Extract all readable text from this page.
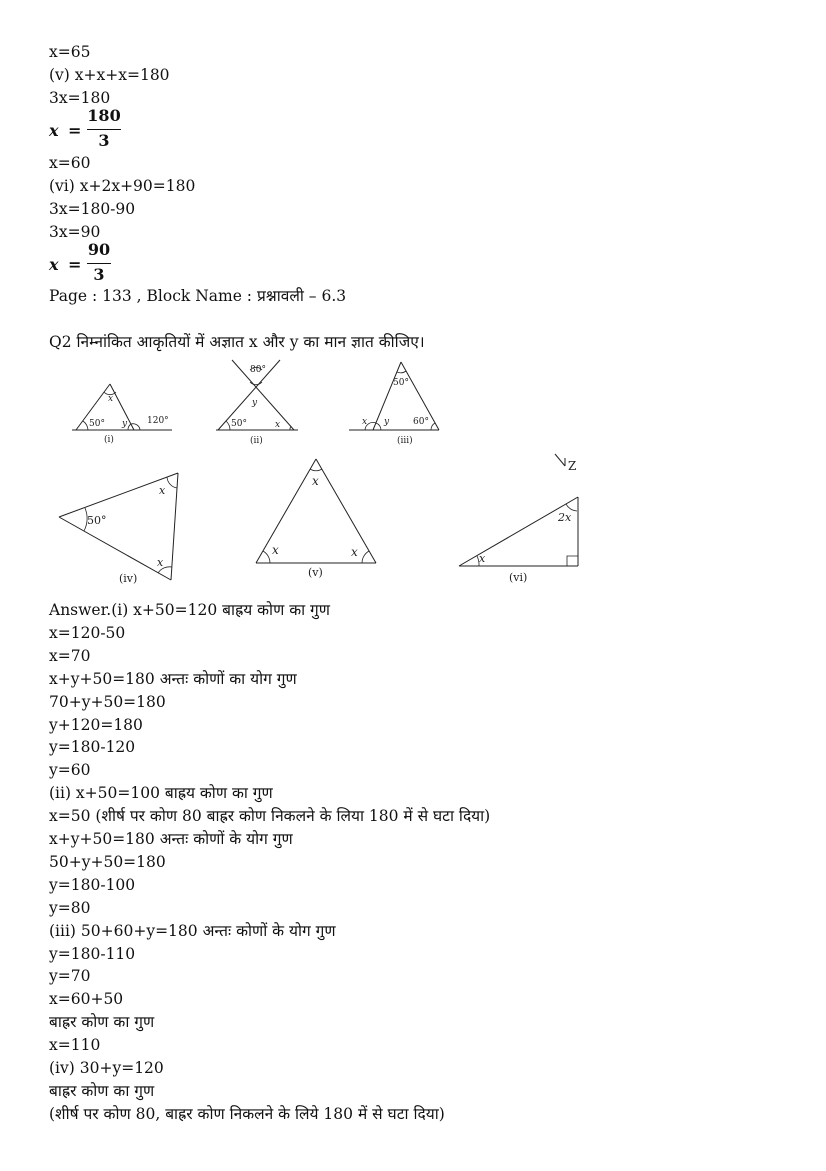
x=65
(v) x+x+x=180
3x=180
x =
180
3
x=60
(vi) x+2x+90=180
3x=180-90
3x=90
x =
90
3
Page : 133 , Block Name : प्रश्नावली – 6.3
Q2 निम्नांकित आकृतियों में अज्ञात x और y का मान ज्ञात कीजिए।
x
50° y 120°
(i)
80°
y
50°	x
(ii)
50°
x y	60°
(iii)
50°
x
x
(iv)
x
x	x
(v)
Z
x
2x
(vi)
Answer.(i) x+50=120 बाह्रय कोण का गुण
x=120-50
x=70
x+y+50=180 अन्तः कोणों का योग गुण
70+y+50=180
y+120=180
y=180-120
y=60
(ii) x+50=100 बाह्रय कोण का गुण
x=50 (शीर्ष पर कोण 80 बाह्रर कोण निकलने के लिया 180 में से घटा दिया)
x+y+50=180 अन्तः कोणों के योग गुण
50+y+50=180
y=180-100
y=80
(iii) 50+60+y=180 अन्तः कोणों के योग गुण
y=180-110
y=70
x=60+50
बाह्रर कोण का गुण
x=110
(iv) 30+y=120
बाह्रर कोण का गुण
(शीर्ष पर कोण 80, बाह्रर कोण निकलने के लिये 180 में से घटा दिया)
